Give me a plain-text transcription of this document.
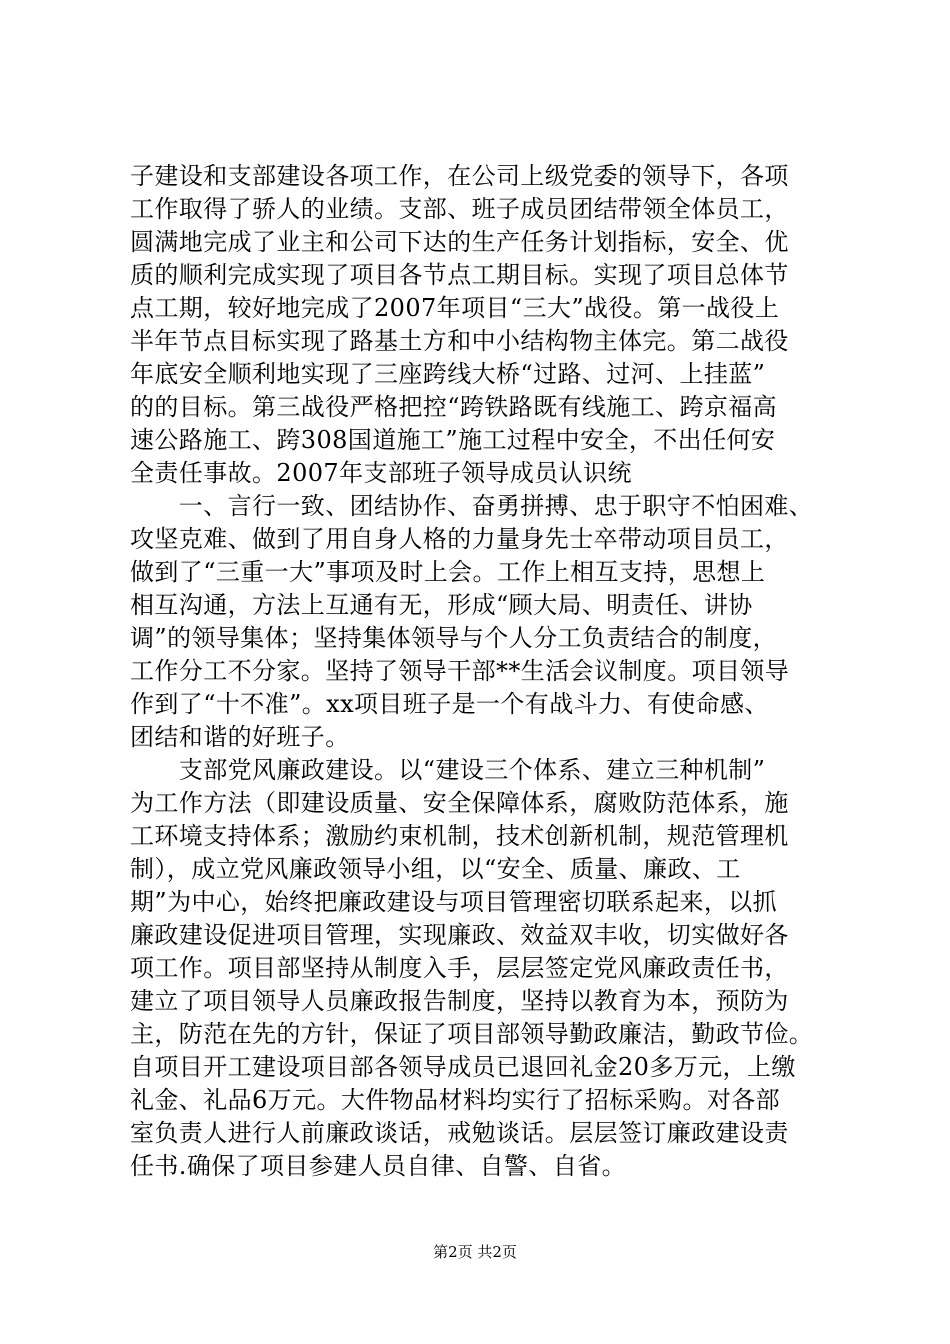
子建设和支部建设各项工作，在公司上级党委的领导下，各项
工作取得了骄人的业绩。支部、班子成员团结带领全体员工，
圆满地完成了业主和公司下达的生产任务计划指标，安全、优
质的顺利完成实现了项目各节点工期目标。实现了项目总体节
点工期，较好地完成了2007年项目“三大”战役。第一战役上
半年节点目标实现了路基土方和中小结构物主体完。第二战役
年底安全顺利地实现了三座跨线大桥“过路、过河、上挂蓝”
的的目标。第三战役严格把控“跨铁路既有线施工、跨京福高
速公路施工、跨308国道施工”施工过程中安全，不出任何安
全责任事故。2007年支部班子领导成员认识统
　　一、言行一致、团结协作、奋勇拼搏、忠于职守不怕困难、
攻坚克难、做到了用自身人格的力量身先士卒带动项目员工，
做到了“三重一大”事项及时上会。工作上相互支持，思想上
相互沟通，方法上互通有无，形成“顾大局、明责任、讲协
调”的领导集体；坚持集体领导与个人分工负责结合的制度，
工作分工不分家。坚持了领导干部**生活会议制度。项目领导
作到了“十不准”。xx项目班子是一个有战斗力、有使命感、
团结和谐的好班子。
　　支部党风廉政建设。以“建设三个体系、建立三种机制”
为工作方法（即建设质量、安全保障体系，腐败防范体系，施
工环境支持体系；激励约束机制，技术创新机制，规范管理机
制），成立党风廉政领导小组，以“安全、质量、廉政、工
期”为中心，始终把廉政建设与项目管理密切联系起来，以抓
廉政建设促进项目管理，实现廉政、效益双丰收，切实做好各
项工作。项目部坚持从制度入手，层层签定党风廉政责任书，
建立了项目领导人员廉政报告制度，坚持以教育为本，预防为
主，防范在先的方针，保证了项目部领导勤政廉洁，勤政节俭。
自项目开工建设项目部各领导成员已退回礼金20多万元，上缴
礼金、礼品6万元。大件物品材料均实行了招标采购。对各部
室负责人进行人前廉政谈话，戒勉谈话。层层签订廉政建设责
任书.确保了项目参建人员自律、自警、自省。
第2页 共2页
